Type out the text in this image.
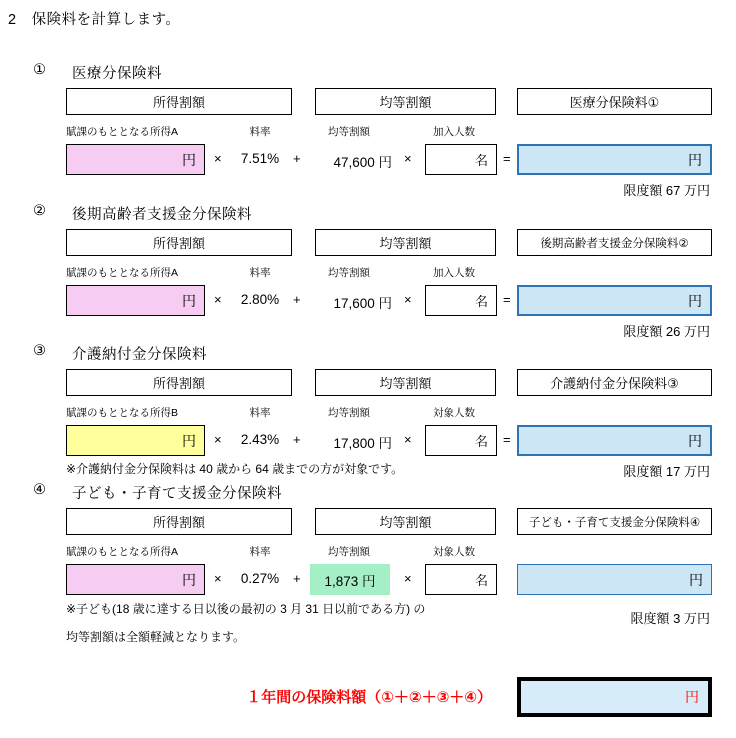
2　保険料を計算します。
① 医療分保険料
所得割額	均等割額	医療分保険料①
賦課のもととなる所得A	料率	均等割額	加入人数
円 ×	7.51%	+	47,600 円 ×	名 =	円
限度額 67 万円
② 後期高齢者支援金分保険料
所得割額	均等割額	後期高齢者支援金分保険料②
賦課のもととなる所得A	料率	均等割額	加入人数
円 ×	2.80%	+	17,600 円 ×	名 =	円
限度額 26 万円
③ 介護納付金分保険料
所得割額	均等割額	介護納付金分保険料③
賦課のもととなる所得B	料率	均等割額	対象人数
円 ×	2.43%	+	17,800 円 ×	名 =	円
※介護納付金分保険料は 40 歳から 64 歳までの方が対象です。	限度額 17 万円
④ 子ども・子育て支援金分保険料
所得割額	均等割額	子ども・子育て支援金分保険料④
賦課のもととなる所得A	料率	均等割額	対象人数
円 ×	0.27%	+	1,873 円	×	名	円
※子ども(18 歳に達する日以後の最初の 3 月 31 日以前である方) の
均等割額は全額軽減となります。
限度額 3 万円
１年間の保険料額（①＋②＋③＋④）	円
